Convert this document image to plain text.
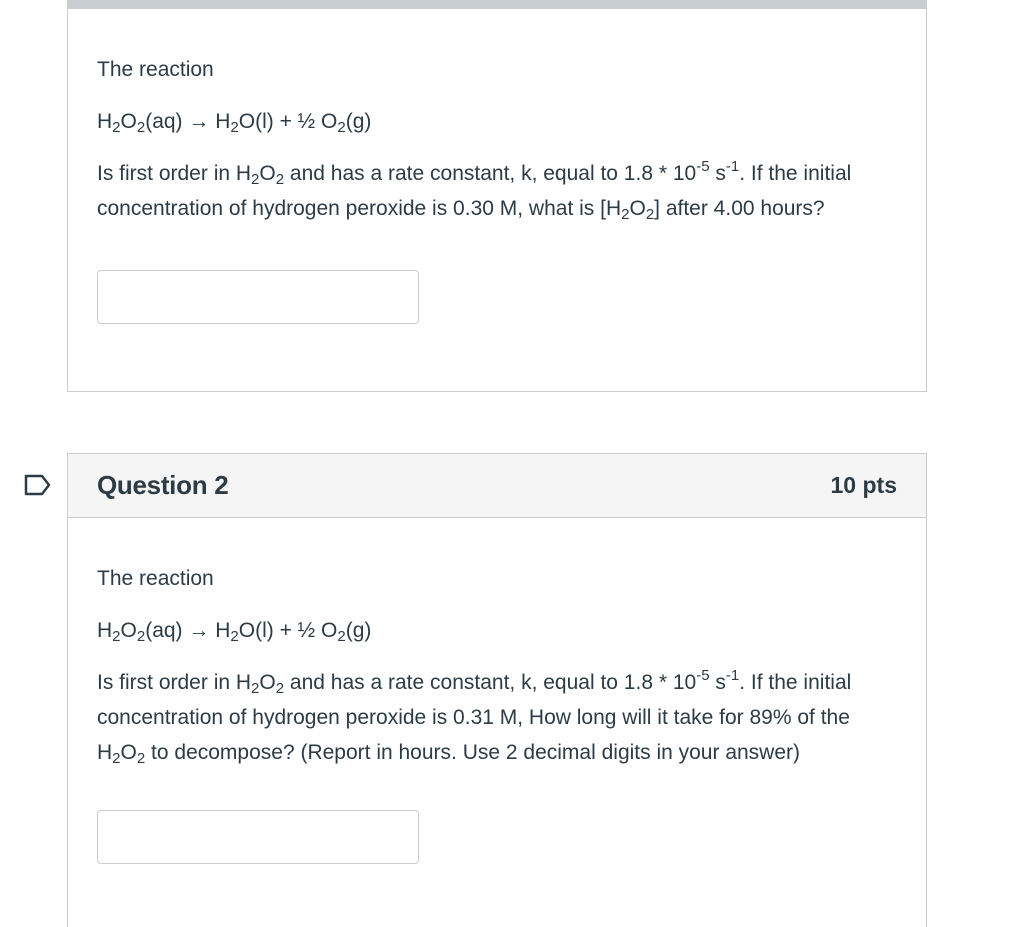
The reaction

$H_2O_2(aq) \to H_2O(l)$ + ½ $O_2(g)$

Is first order in $H_2O_2$ and has a rate constant, k, equal to $1.8 * 10^{-5}$ $s^{-1}$. If the initial concentration of hydrogen peroxide is 0.30 M, what is $[H_2O_2]$ after 4.00 hours?

Question 2	10 pts

The reaction

$H_2O_2(aq) \to H_2O(l)$ + ½ $O_2(g)$

Is first order in $H_2O_2$ and has a rate constant, k, equal to $1.8 * 10^{-5}$ $s^{-1}$. If the initial concentration of hydrogen peroxide is 0.31 M, How long will it take for 89% of the $H_2O_2$ to decompose? (Report in hours. Use 2 decimal digits in your answer)
